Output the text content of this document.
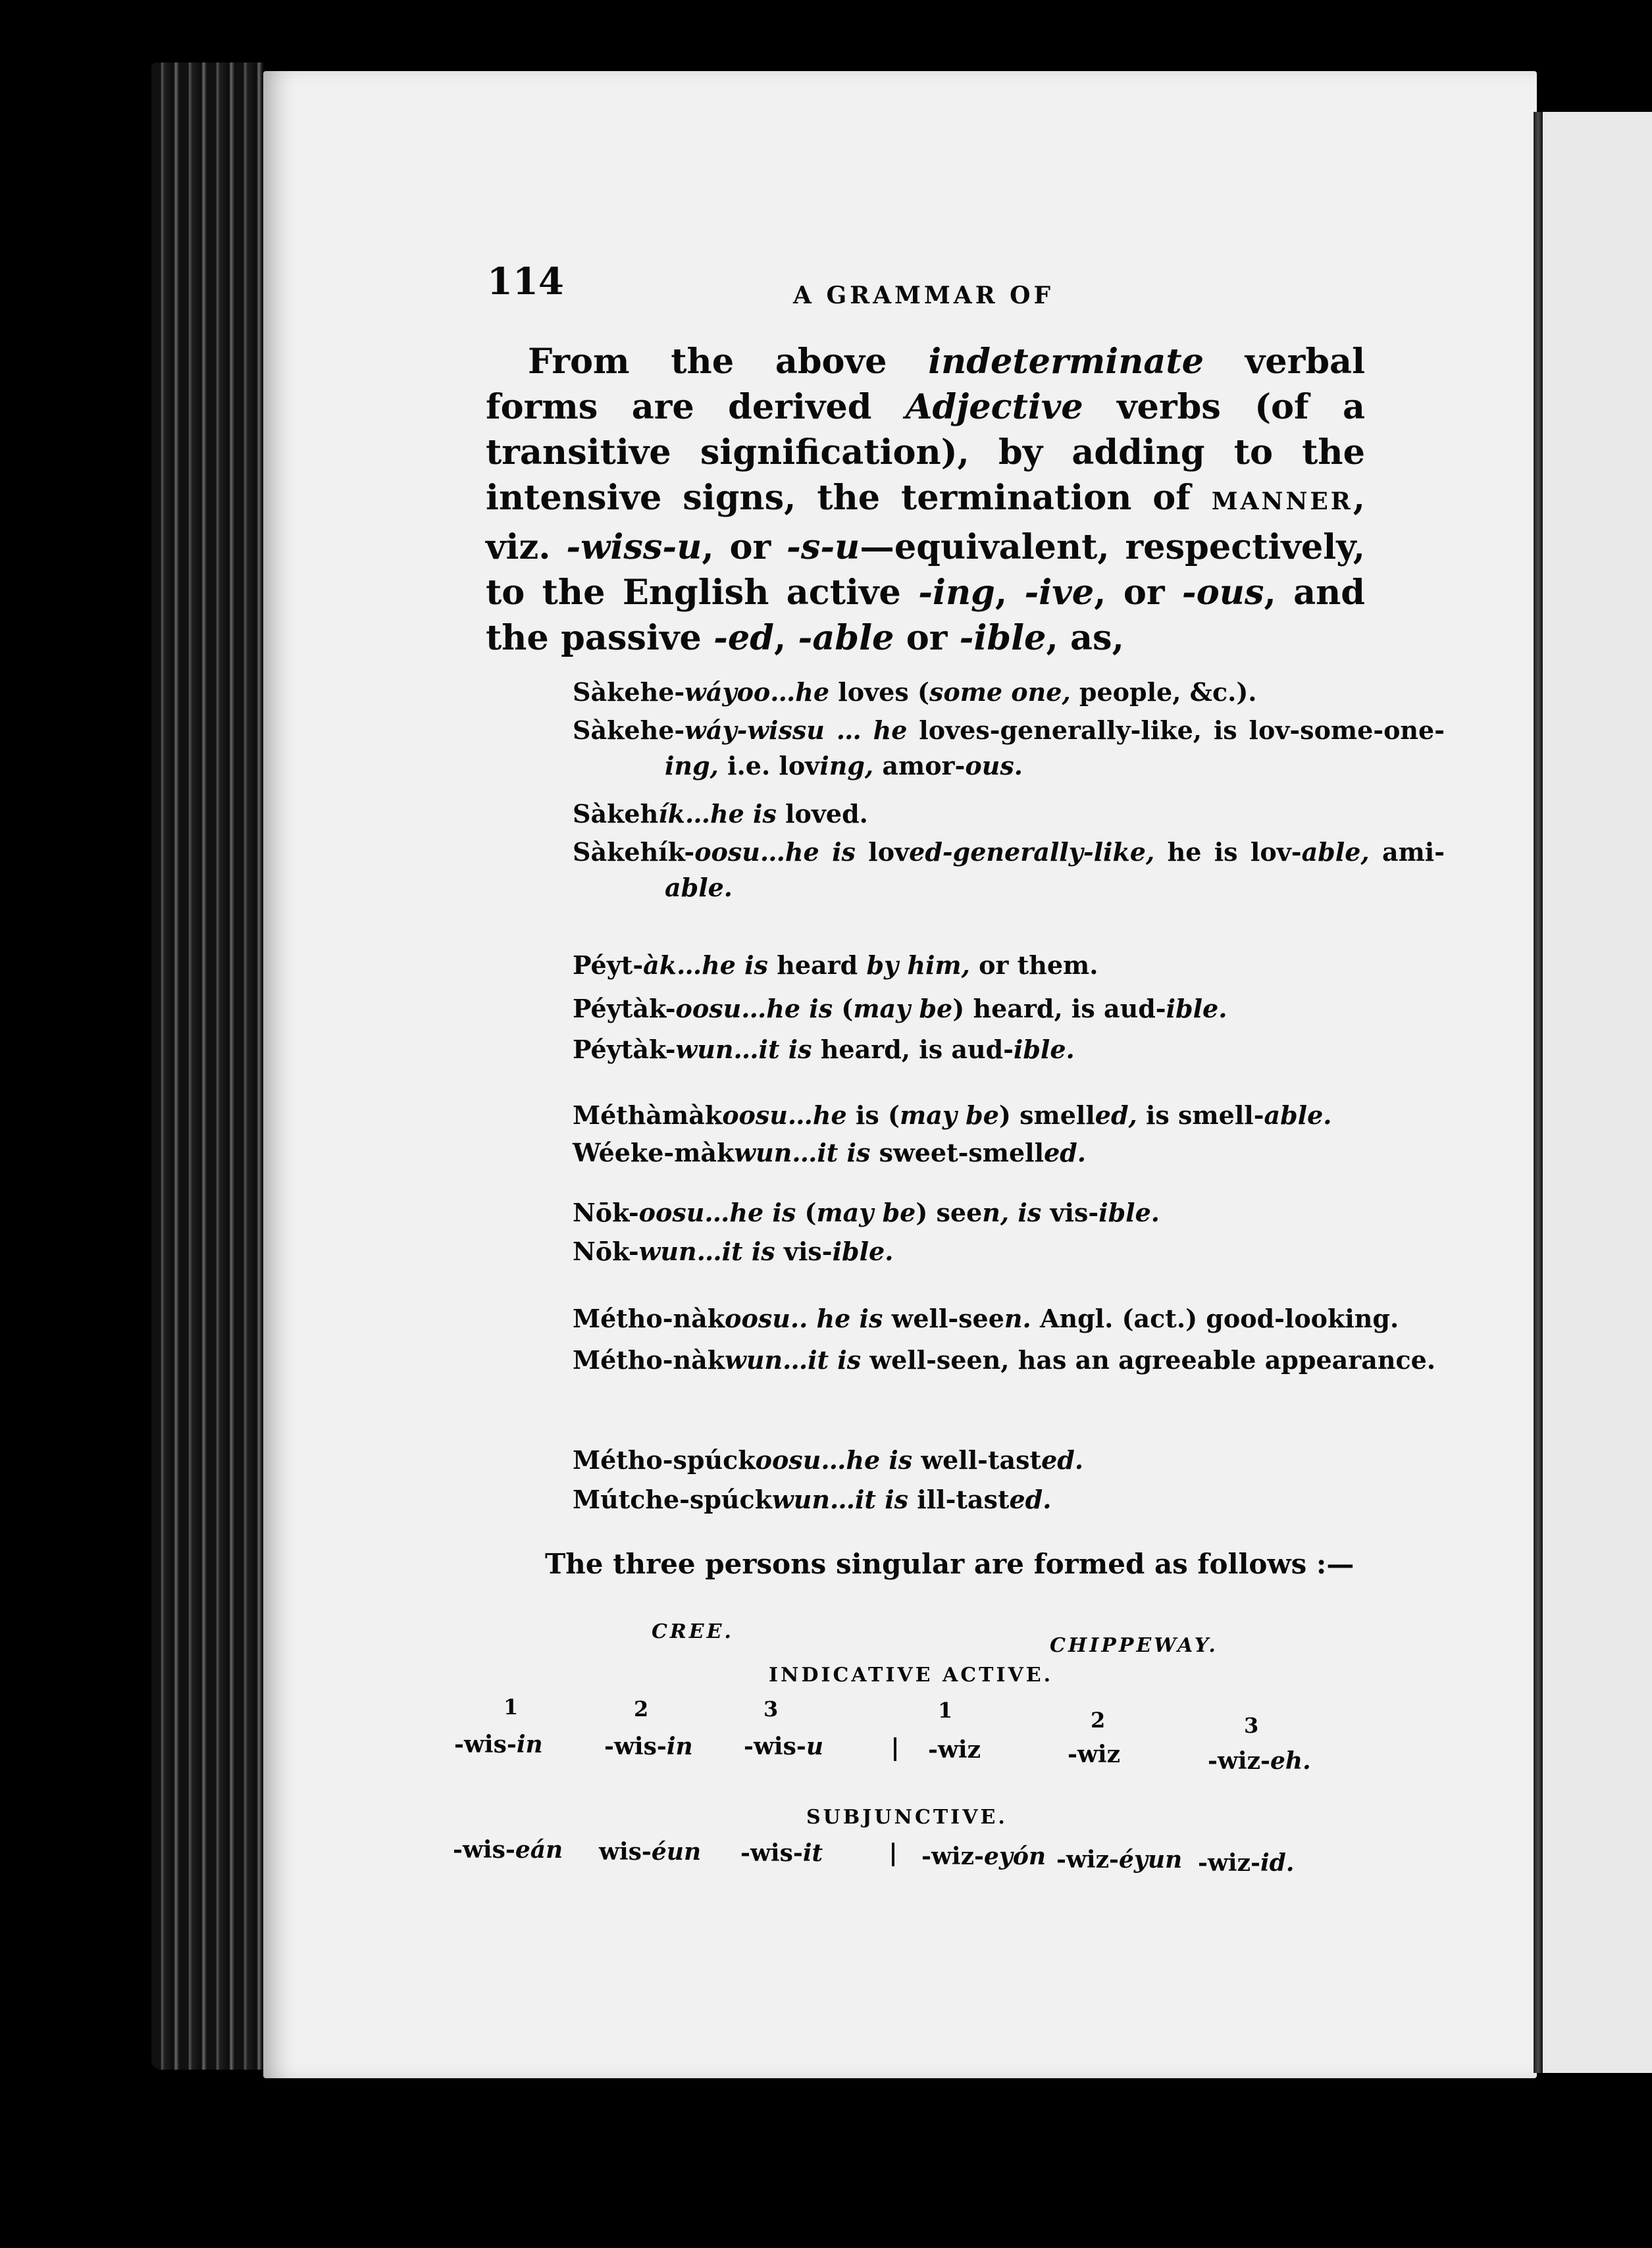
114	A GRAMMAR OF
From the above indeterminate verbal forms are derived Adjective verbs (of a transitive signification), by adding to the intensive signs, the termination of MANNER, viz. -wiss-u, or -s-u—equivalent, respectively, to the English active -ing, -ive, or -ous, and the passive -ed, -able or -ible, as,
Sàkehe-wáyoo…he loves (some one, people, &c.).
Sàkehe-wáy-wissu … he loves-generally-like, is lov-some-one-ing, i.e. loving, amor-ous.
Sàkehík…he is loved.
Sàkehík-oosu…he is loved-generally-like, he is lov-able, ami-able.
Péyt-àk…he is heard by him, or them.
Péytàk-oosu…he is (may be) heard, is aud-ible.
Péytàk-wun…it is heard, is aud-ible.
Méthàmàkoosu…he is (may be) smelled, is smell-able.
Wéeke-màkwun…it is sweet-smelled.
Nōk-oosu…he is (may be) seen, is vis-ible.
Nōk-wun…it is vis-ible.
Métho-nàkoosu.. he is well-seen. Angl. (act.) good-looking.
Métho-nàkwun…it is well-seen, has an agreeable appearance.
Métho-spúckoosu…he is well-tasted.
Mútche-spúckwun…it is ill-tasted.
The three persons singular are formed as follows :—
CREE.
CHIPPEWAY.
INDICATIVE ACTIVE.
1	2	3	1	2	3
-wis-in	-wis-in -wis-u	-wiz	-wiz	-wiz-eh.
SUBJUNCTIVE.
-wis-eán wis-éun -wis-it	-wiz-eyón -wiz-éyun -wiz-id.
